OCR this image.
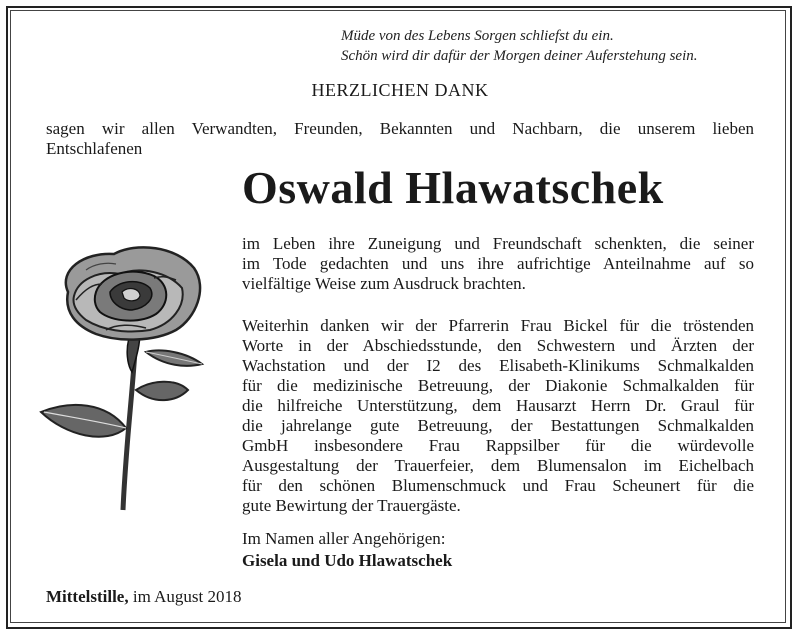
Müde von des Lebens Sorgen schliefst du ein.
Schön wird dir dafür der Morgen deiner Auferstehung sein.
HERZLICHEN DANK
sagen wir allen Verwandten, Freunden, Bekannten und Nachbarn, die unserem lieben
Entschlafenen
Oswald Hlawatschek
im Leben ihre Zuneigung und Freundschaft schenkten, die seiner
im Tode gedachten und uns ihre aufrichtige Anteilnahme auf so
vielfältige Weise zum Ausdruck brachten.
Weiterhin danken wir der Pfarrerin Frau Bickel für die tröstenden
Worte in der Abschiedsstunde, den Schwestern und Ärzten der
Wachstation und der I2 des Elisabeth-Klinikums Schmalkalden
für die medizinische Betreuung, der Diakonie Schmalkalden für
die hilfreiche Unterstützung, dem Hausarzt Herrn Dr. Graul für
die jahrelange gute Betreuung, der Bestattungen Schmalkalden
GmbH insbesondere Frau Rappsilber für die würdevolle
Ausgestaltung der Trauerfeier, dem Blumensalon im Eichelbach
für den schönen Blumenschmuck und Frau Scheunert für die
gute Bewirtung der Trauergäste.
Im Namen aller Angehörigen:
Gisela und Udo Hlawatschek
Mittelstille, im August 2018
